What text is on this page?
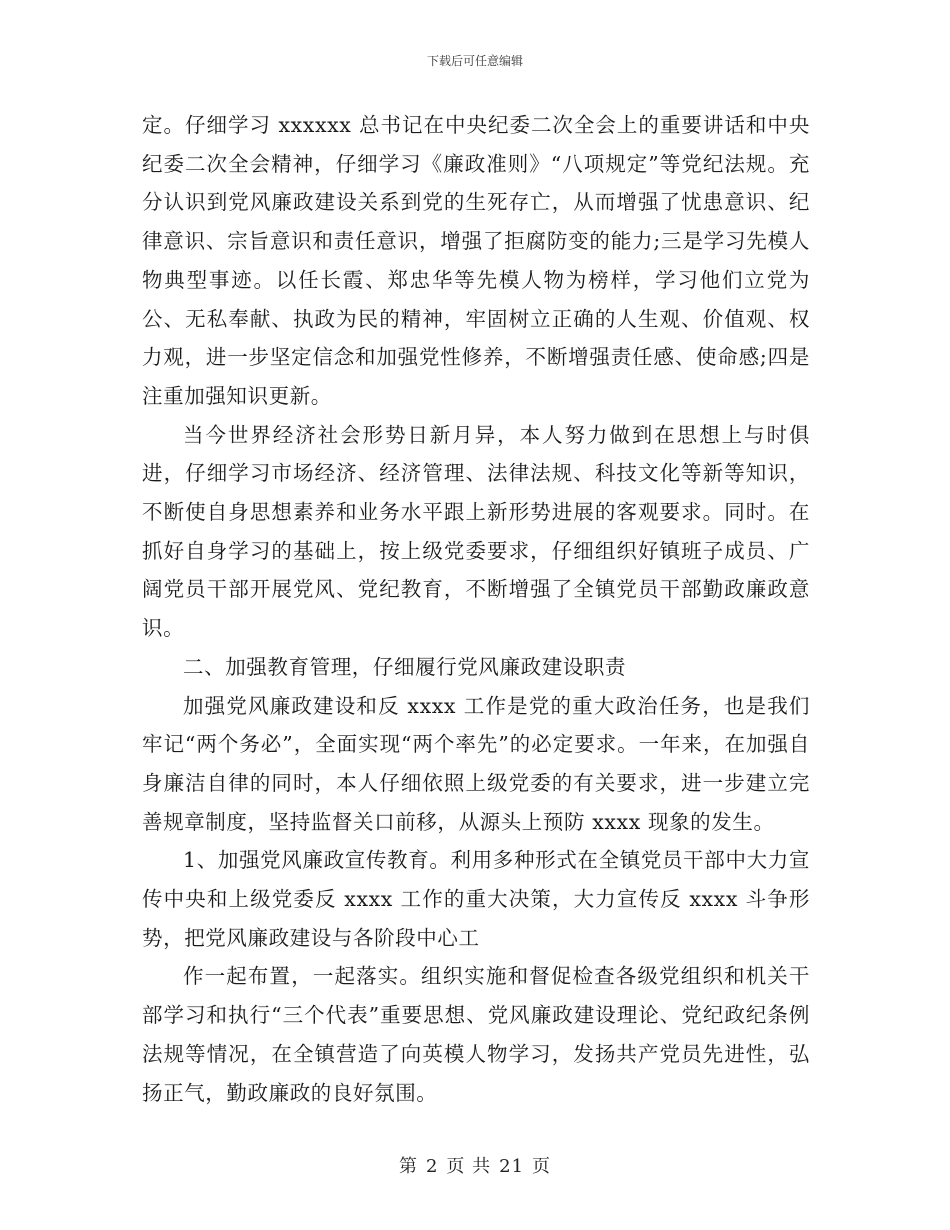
下载后可任意编辑

定。仔细学习 xxxxxx 总书记在中央纪委二次全会上的重要讲话和中央纪委二次全会精神，仔细学习《廉政准则》“八项规定”等党纪法规。充分认识到党风廉政建设关系到党的生死存亡，从而增强了忧患意识、纪律意识、宗旨意识和责任意识，增强了拒腐防变的能力;三是学习先模人物典型事迹。以任长霞、郑忠华等先模人物为榜样，学习他们立党为公、无私奉献、执政为民的精神，牢固树立正确的人生观、价值观、权力观，进一步坚定信念和加强党性修养，不断增强责任感、使命感;四是注重加强知识更新。

当今世界经济社会形势日新月异，本人努力做到在思想上与时俱进，仔细学习市场经济、经济管理、法律法规、科技文化等新等知识，不断使自身思想素养和业务水平跟上新形势进展的客观要求。同时。在抓好自身学习的基础上，按上级党委要求，仔细组织好镇班子成员、广阔党员干部开展党风、党纪教育，不断增强了全镇党员干部勤政廉政意识。

二、加强教育管理，仔细履行党风廉政建设职责

加强党风廉政建设和反 xxxx 工作是党的重大政治任务，也是我们牢记“两个务必”，全面实现“两个率先”的必定要求。一年来，在加强自身廉洁自律的同时，本人仔细依照上级党委的有关要求，进一步建立完善规章制度，坚持监督关口前移，从源头上预防 xxxx 现象的发生。

1、加强党风廉政宣传教育。利用多种形式在全镇党员干部中大力宣传中央和上级党委反 xxxx 工作的重大决策，大力宣传反 xxxx 斗争形势，把党风廉政建设与各阶段中心工

作一起布置，一起落实。组织实施和督促检查各级党组织和机关干部学习和执行“三个代表”重要思想、党风廉政建设理论、党纪政纪条例法规等情况，在全镇营造了向英模人物学习，发扬共产党员先进性，弘扬正气，勤政廉政的良好氛围。

第 2 页 共 21 页
